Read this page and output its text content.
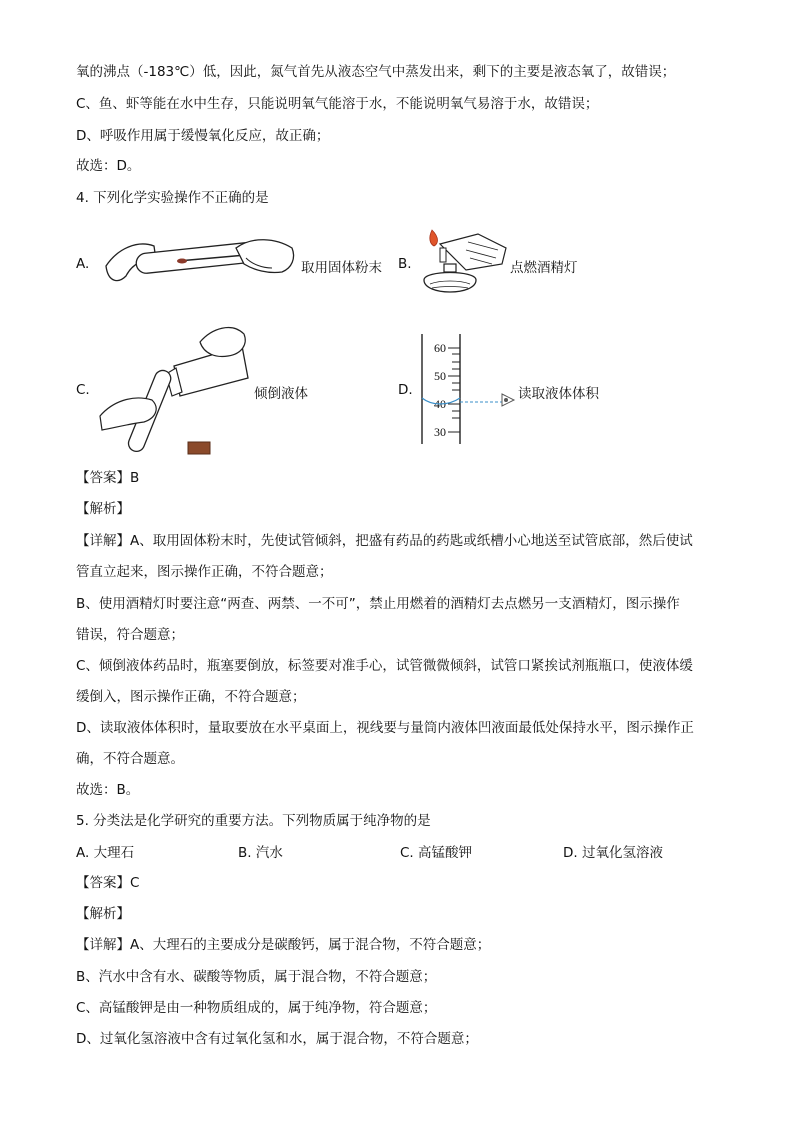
氧的沸点（-183℃）低，因此，氮气首先从液态空气中蒸发出来，剩下的主要是液态氧了，故错误；
C、鱼、虾等能在水中生存，只能说明氧气能溶于水，不能说明氧气易溶于水，故错误；
D、呼吸作用属于缓慢氧化反应，故正确；
故选：D。
4. 下列化学实验操作不正确的是
A.	取用固体粉末 B.	点燃酒精灯
C.	倾倒液体	D.
60
50
40
30
读取液体体积
【答案】B
【解析】
【详解】A、取用固体粉末时，先使试管倾斜，把盛有药品的药匙或纸槽小心地送至试管底部，然后使试
管直立起来，图示操作正确，不符合题意；
B、使用酒精灯时要注意“两查、两禁、一不可”，禁止用燃着的酒精灯去点燃另一支酒精灯，图示操作
错误，符合题意；
C、倾倒液体药品时，瓶塞要倒放，标签要对准手心，试管微微倾斜，试管口紧挨试剂瓶瓶口，使液体缓
缓倒入，图示操作正确，不符合题意；
D、读取液体体积时，量取要放在水平桌面上，视线要与量筒内液体凹液面最低处保持水平，图示操作正
确，不符合题意。
故选：B。
5. 分类法是化学研究的重要方法。下列物质属于纯净物的是
A. 大理石	B. 汽水	C. 高锰酸钾	D. 过氧化氢溶液
【答案】C
【解析】
【详解】A、大理石的主要成分是碳酸钙，属于混合物，不符合题意；
B、汽水中含有水、碳酸等物质，属于混合物，不符合题意；
C、高锰酸钾是由一种物质组成的，属于纯净物，符合题意；
D、过氧化氢溶液中含有过氧化氢和水，属于混合物，不符合题意；
